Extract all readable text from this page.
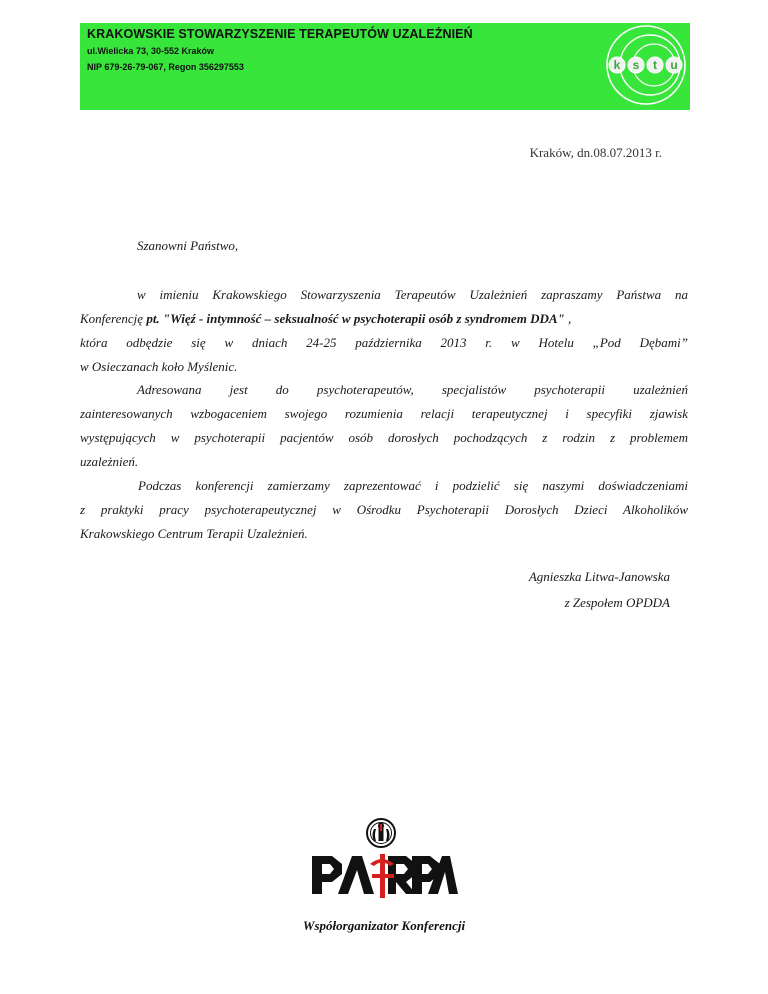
KRAKOWSKIE STOWARZYSZENIE TERAPEUTÓW UZALEŻNIEŃ
ul.Wielicka 73, 30-552 Kraków
NIP 679-26-79-067, Regon 356297553	k s t u
Kraków, dn.08.07.2013 r.
Szanowni Państwo,
w imieniu Krakowskiego Stowarzyszenia Terapeutów Uzależnień zapraszamy Państwa na
Konferencję pt. "Więź - intymność – seksualność w psychoterapii osób z syndromem DDA" ,
która odbędzie się w dniach 24-25 października 2013 r. w Hotelu „Pod Dębami”
w Osieczanach koło Myślenic.
Adresowana jest do psychoterapeutów, specjalistów psychoterapii uzależnień
zainteresowanych wzbogaceniem swojego rozumienia relacji terapeutycznej i specyfiki zjawisk
występujących w psychoterapii pacjentów osób dorosłych pochodzących z rodzin z problemem
uzależnień.
Podczas konferencji zamierzamy zaprezentować i podzielić się naszymi doświadczeniami
z praktyki pracy psychoterapeutycznej w Ośrodku Psychoterapii Dorosłych Dzieci Alkoholików
Krakowskiego Centrum Terapii Uzależnień.
Agnieszka Litwa-Janowska
z Zespołem OPDDA
Współorganizator Konferencji
